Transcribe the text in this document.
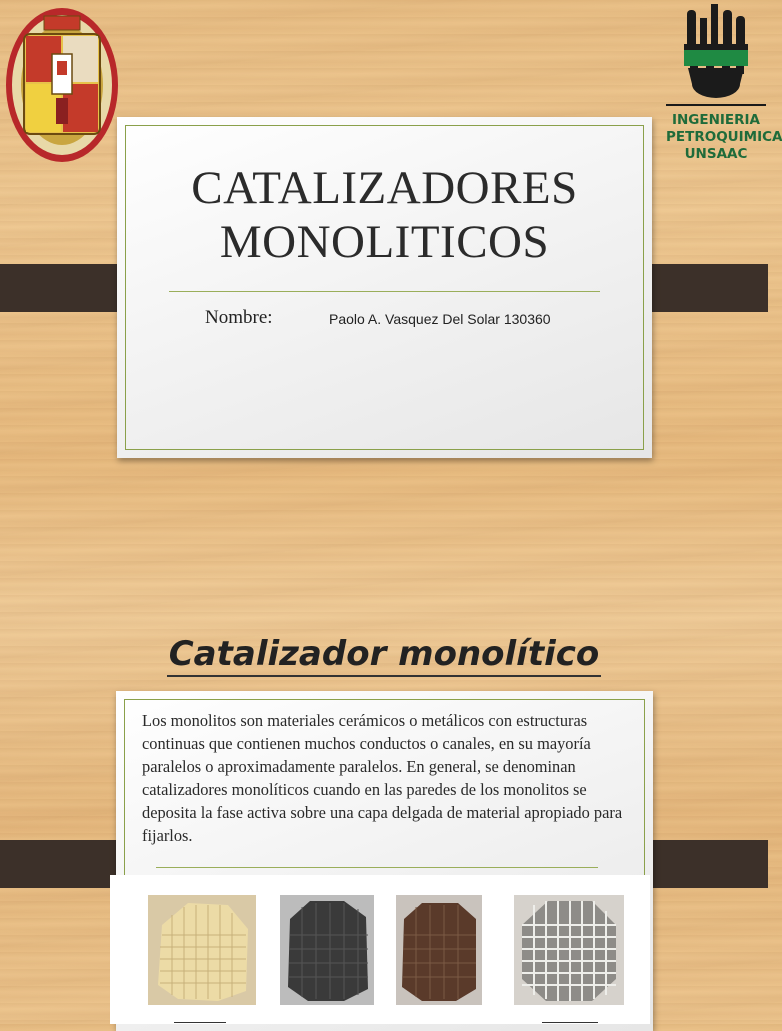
CATALIZADORES
MONOLITICOS
Nombre:	Paolo A. Vasquez Del Solar 130360
INGENIERIA
PETROQUIMICA
UNSAAC
Catalizador monolítico
Los monolitos son materiales cerámicos o metálicos con estructuras continuas que contienen muchos conductos o canales, en su mayoría paralelos o aproximadamente paralelos. En general, se denominan catalizadores monolíticos cuando en las paredes de los monolitos se deposita la fase activa sobre una capa delgada de material apropiado para fijarlos.
